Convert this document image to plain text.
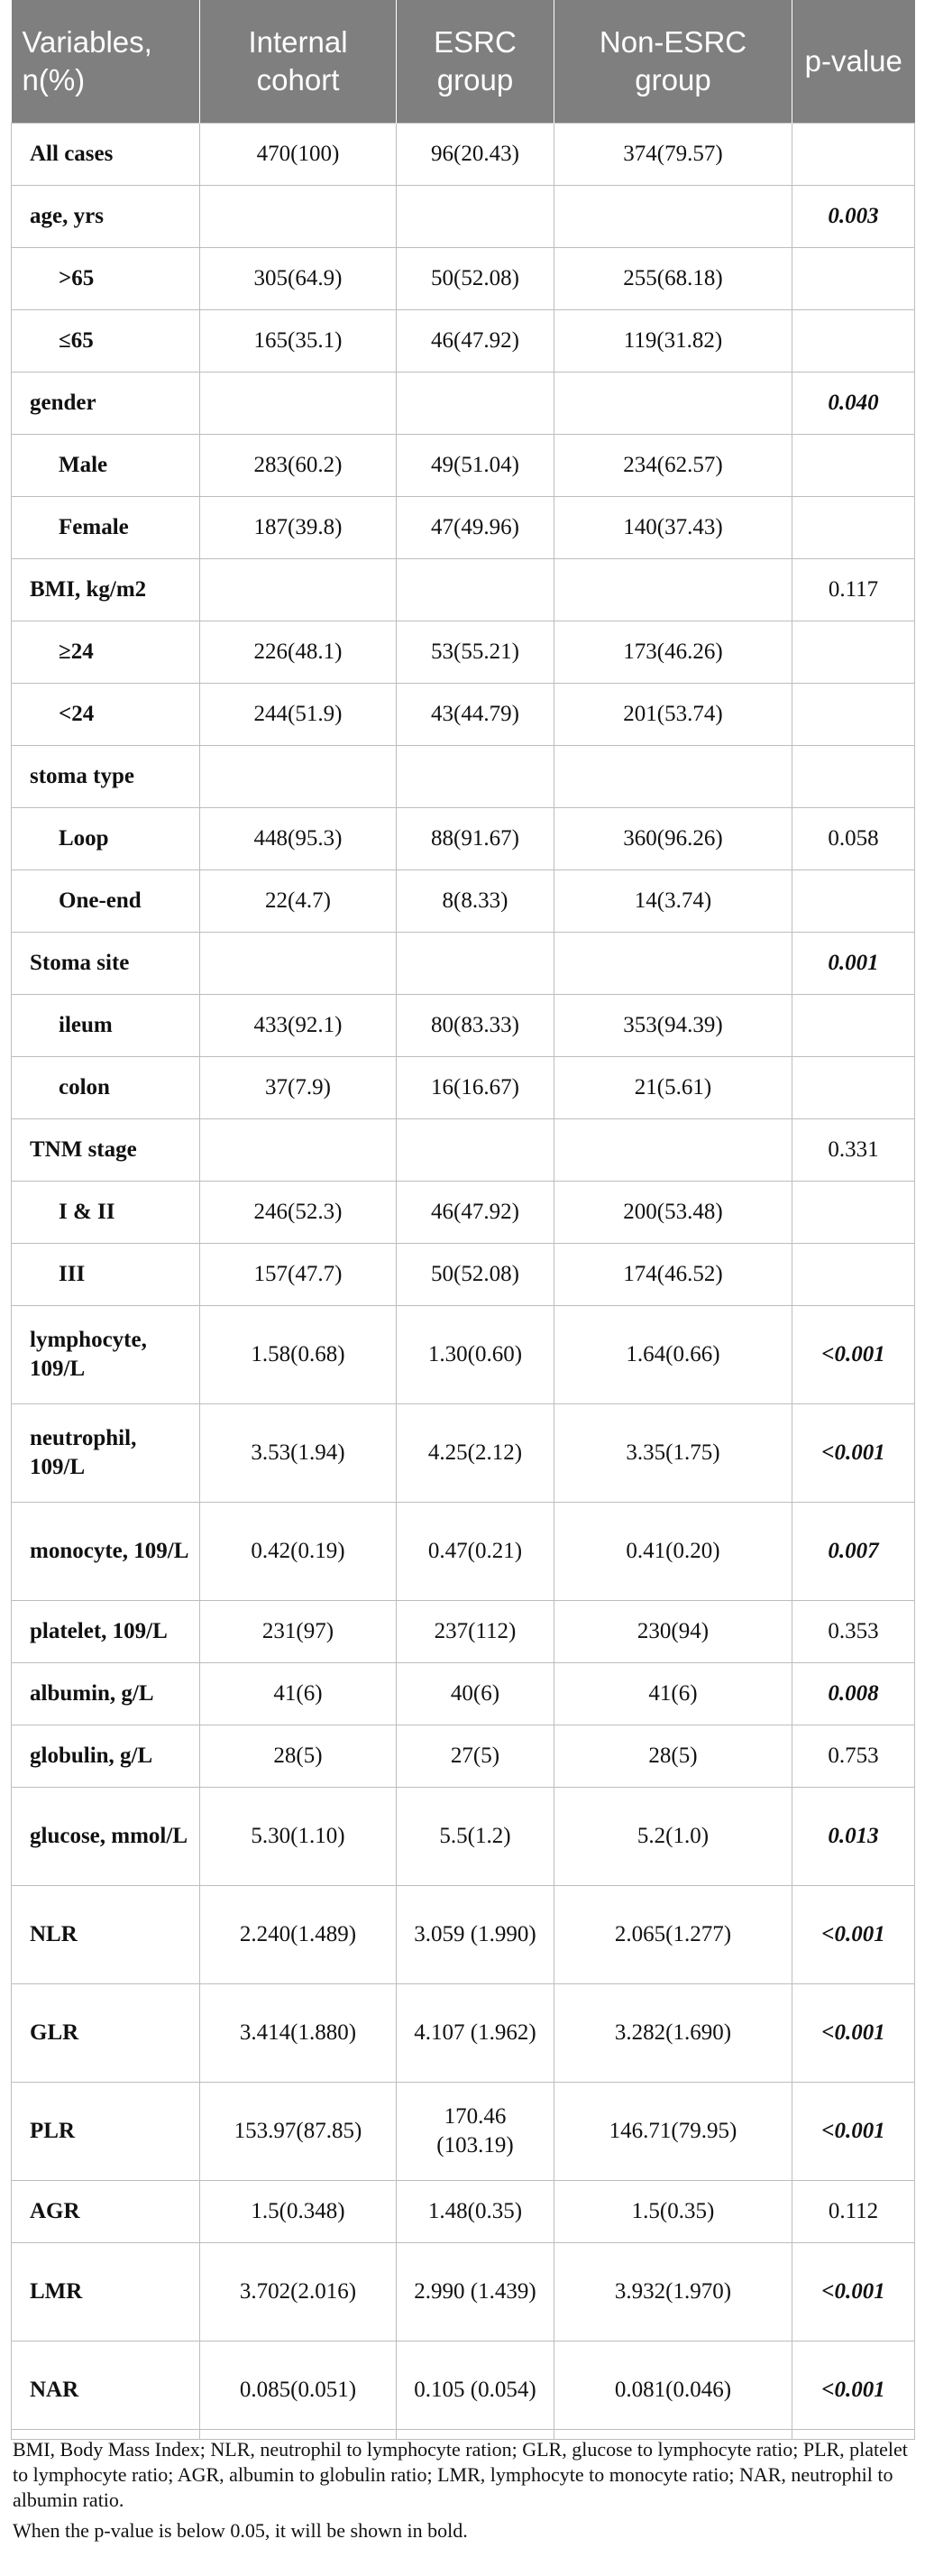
Variables, n(%)	Internal cohort	ESRC group	Non-ESRC group	p-value
All cases	470(100)	96(20.43)	374(79.57)	
age, yrs				0.003
>65	305(64.9)	50(52.08)	255(68.18)	
≤65	165(35.1)	46(47.92)	119(31.82)	
gender				0.040
Male	283(60.2)	49(51.04)	234(62.57)	
Female	187(39.8)	47(49.96)	140(37.43)	
BMI, kg/m2				0.117
≥24	226(48.1)	53(55.21)	173(46.26)	
<24	244(51.9)	43(44.79)	201(53.74)	
stoma type				
Loop	448(95.3)	88(91.67)	360(96.26)	0.058
One-end	22(4.7)	8(8.33)	14(3.74)	
Stoma site				0.001
ileum	433(92.1)	80(83.33)	353(94.39)	
colon	37(7.9)	16(16.67)	21(5.61)	
TNM stage				0.331
I & II	246(52.3)	46(47.92)	200(53.48)	
III	157(47.7)	50(52.08)	174(46.52)	
lymphocyte, 109/L	1.58(0.68)	1.30(0.60)	1.64(0.66)	<0.001
neutrophil, 109/L	3.53(1.94)	4.25(2.12)	3.35(1.75)	<0.001
monocyte, 109/L	0.42(0.19)	0.47(0.21)	0.41(0.20)	0.007
platelet, 109/L	231(97)	237(112)	230(94)	0.353
albumin, g/L	41(6)	40(6)	41(6)	0.008
globulin, g/L	28(5)	27(5)	28(5)	0.753
glucose, mmol/L	5.30(1.10)	5.5(1.2)	5.2(1.0)	0.013
NLR	2.240(1.489)	3.059 (1.990)	2.065(1.277)	<0.001
GLR	3.414(1.880)	4.107 (1.962)	3.282(1.690)	<0.001
PLR	153.97(87.85)	170.46 (103.19)	146.71(79.95)	<0.001
AGR	1.5(0.348)	1.48(0.35)	1.5(0.35)	0.112
LMR	3.702(2.016)	2.990 (1.439)	3.932(1.970)	<0.001
NAR	0.085(0.051)	0.105 (0.054)	0.081(0.046)	<0.001

BMI, Body Mass Index; NLR, neutrophil to lymphocyte ration; GLR, glucose to lymphocyte ratio; PLR, platelet to lymphocyte ratio; AGR, albumin to globulin ratio; LMR, lymphocyte to monocyte ratio; NAR, neutrophil to albumin ratio.

When the p-value is below 0.05, it will be shown in bold.
